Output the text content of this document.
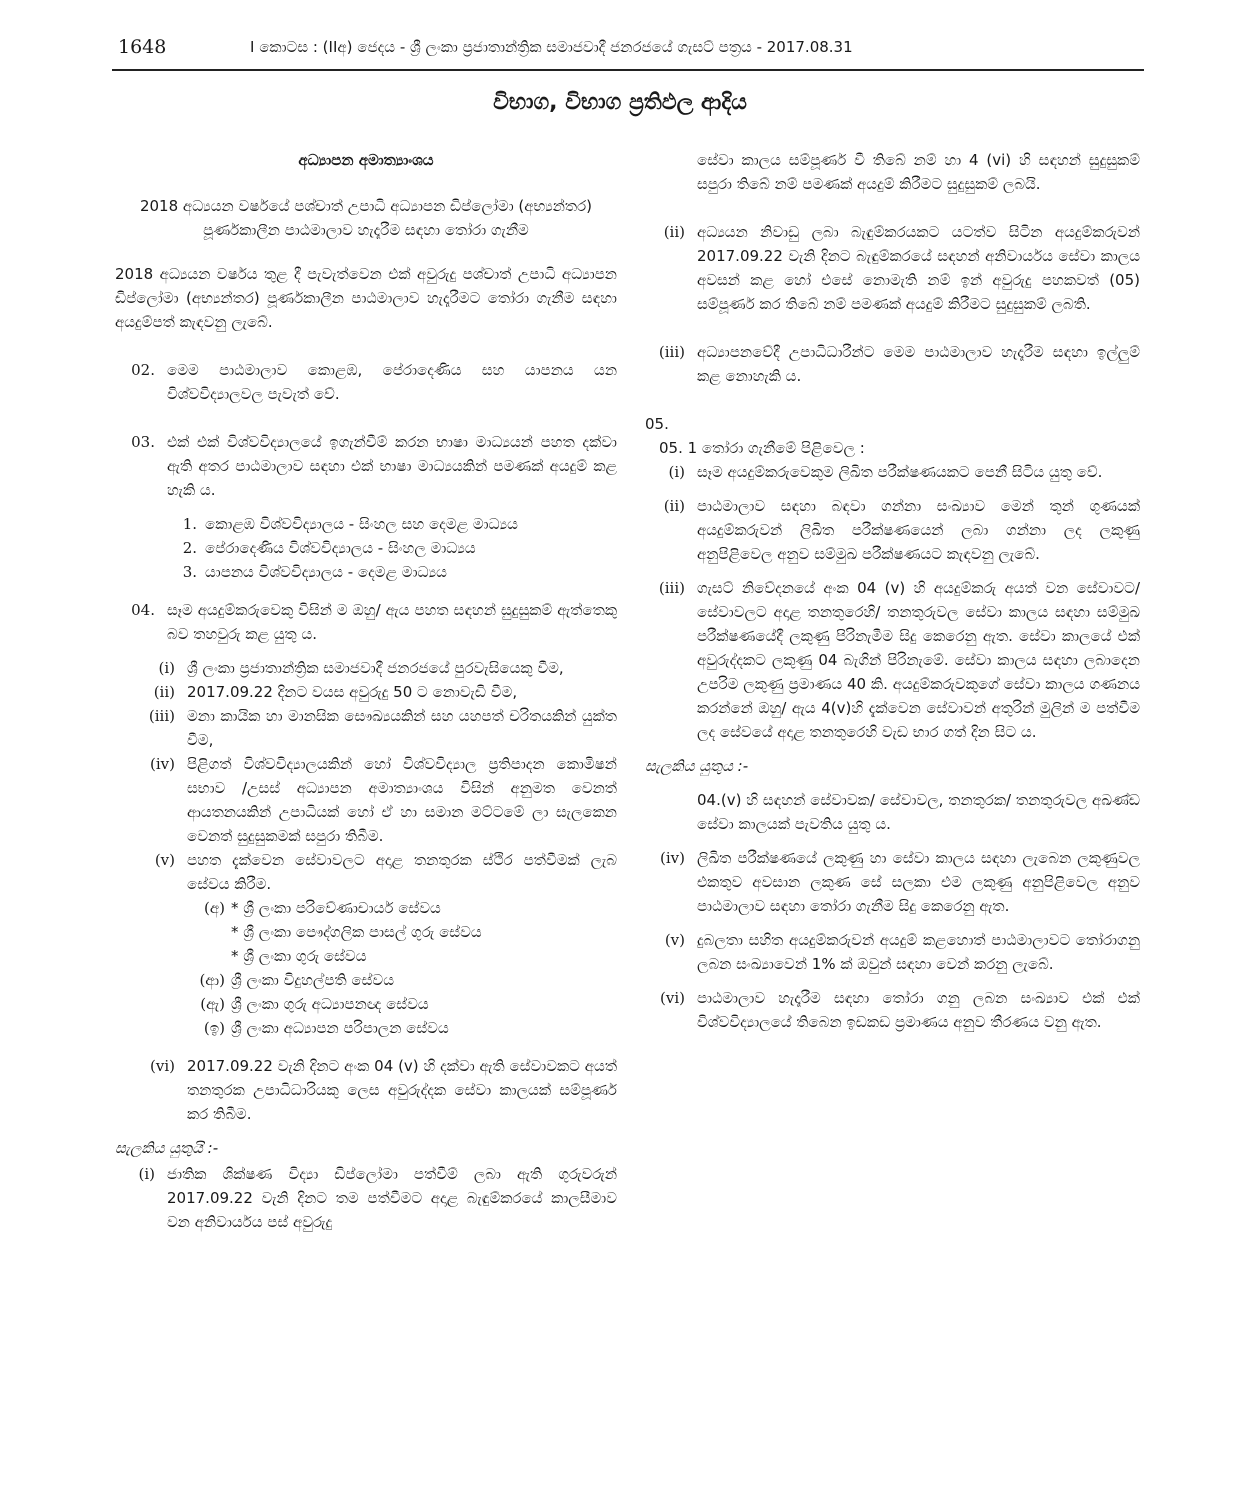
1648	I කොටස : (IIඅ) ජෙදය - ශ්‍රී ලංකා ප්‍රජාතාන්ත්‍රික සමාජවාදී ජනරජයේ ගැසට් පත්‍රය - 2017.08.31
විභාග, විභාග ප්‍රතිඵල ආදිය

අධ්‍යාපන අමාත්‍යාංශය

2018 අධ්‍යයන වර්ෂයේ පශ්චාත් උපාධි අධ්‍යාපන ඩිප්ලෝමා (අභ්‍යන්තර) පූර්ණකාලීන පාඨමාලාව හැදෑරීම සඳහා තෝරා ගැනීම

2018 අධ්‍යයන වර්ෂය තුළ දී පැවැත්වෙන එක් අවුරුදු පශ්චාත් උපාධි අධ්‍යාපන ඩිප්ලෝමා (අභ්‍යන්තර) පූර්ණකාලීන පාඨමාලාව හැදෑරීමට තෝරා ගැනීම සඳහා අයදුම්පත් කැඳවනු ලැබේ.

02. මෙම පාඨමාලාව කොළඹ, පේරාදෙණිය සහ යාපනය යන විශ්වවිද්‍යාලවල පැවැත් වේ.
03. එක් එක් විශ්වවිද්‍යාලයේ ඉගැන්වීම් කරන භාෂා මාධ්‍යයන් පහත දක්වා ඇති අතර පාඨමාලාව සඳහා එක් භාෂා මාධ්‍යයකින් පමණක් අයදුම් කළ හැකි ය.
1. කොළඹ විශ්වවිද්‍යාලය - සිංහල සහ දෙමළ මාධ්‍යය
2. පේරාදෙණිය විශ්වවිද්‍යාලය - සිංහල මාධ්‍යය
3. යාපනය විශ්වවිද්‍යාලය - දෙමළ මාධ්‍යය
04. සෑම අයදුම්කරුවෙකු විසින් ම ඔහු/ ඇය පහත සඳහන් සුදුසුකම් ඇත්තෙකු බව තහවුරු කළ යුතු ය.
(i) ශ්‍රී ලංකා ප්‍රජාතාන්ත්‍රික සමාජවාදී ජනරජයේ පුරවැසියෙකු වීම,
(ii) 2017.09.22 දිනට වයස අවුරුදු 50 ට නොවැඩි වීම,
(iii) මනා කායික හා මානසික සෞඛ්‍යයකින් සහ යහපත් චරිතයකින් යුක්ත වීම,
(iv) පිළිගත් විශ්වවිද්‍යාලයකින් හෝ විශ්වවිද්‍යාල ප්‍රතිපාදන කොමිෂන් සභාව /උසස් අධ්‍යාපන අමාත්‍යාංශය විසින් අනුමත වෙනත් ආයතනයකින් උපාධියක් හෝ ඒ හා සමාන මට්ටමේ ලා සැලකෙන වෙනත් සුදුසුකමක් සපුරා තිබීම.
(v) පහත දැක්වෙන සේවාවලට අදාළ තනතුරක ස්ථිර පත්වීමක් ලැබ සේවය කිරීම.
(අ) * ශ්‍රී ලංකා පරිවේණාචාර්ය සේවය
* ශ්‍රී ලංකා පෞද්ගලික පාසල් ගුරු සේවය
* ශ්‍රී ලංකා ගුරු සේවය
(ආ) ශ්‍රී ලංකා විදුහල්පති සේවය
(ඇ) ශ්‍රී ලංකා ගුරු අධ්‍යාපනඥ සේවය
(ඉ) ශ්‍රී ලංකා අධ්‍යාපන පරිපාලන සේවය
(vi) 2017.09.22 වැනි දිනට අංක 04 (v) හි දක්වා ඇති සේවාවකට අයත් තනතුරක උපාධිධාරියකු ලෙස අවුරුද්දක සේවා කාලයක් සම්පූර්ණ කර තිබීම.

සැලකිය යුතුයි :-

(i) ජාතික ශික්ෂණ විද්‍යා ඩිප්ලෝමා පත්වීම් ලබා ඇති ගුරුවරුන් 2017.09.22 වැනි දිනට තම පත්වීමට අදාළ බැඳුම්කරයේ කාලසීමාව වන අනිවාර්යය පස් අවුරුදු
සේවා කාලය සම්පූර්ණ වී තිබේ නම් හා 4 (vi) හි සඳහන් සුදුසුකම් සපුරා තිබේ නම් පමණක් අයදුම් කිරීමට සුදුසුකම් ලබයි.
(ii) අධ්‍යයන නිවාඩු ලබා බැඳුම්කරයකට යටත්ව සිටින අයදුම්කරුවන් 2017.09.22 වැනි දිනට බැඳුම්කරයේ සඳහන් අනිවාර්යය සේවා කාලය අවසන් කළ හෝ එසේ නොමැති නම් ඉන් අවුරුදු පහකවත් (05) සම්පූර්ණ කර තිබේ නම් පමණක් අයදුම් කිරීමට සුදුසුකම් ලබති.
(iii) අධ්‍යාපනවේදී උපාධිධාරීන්ට මෙම පාඨමාලාව හැදෑරීම සඳහා ඉල්ලුම් කළ නොහැකි ය.

05.

05. 1 තෝරා ගැනීමේ පිළිවෙල :

(i) සෑම අයදුම්කරුවෙකුම ලිඛිත පරීක්ෂණයකට පෙනී සිටිය යුතු වේ.
(ii) පාඨමාලාව සඳහා බඳවා ගන්නා සංඛ්‍යාව මෙන් තුන් ගුණයක් අයදුම්කරුවන් ලිඛිත පරීක්ෂණයෙන් ලබා ගන්නා ලද ලකුණු අනුපිළිවෙල අනුව සම්මුඛ පරීක්ෂණයට කැඳවනු ලැබේ.
(iii) ගැසට් නිවේදනයේ අංක 04 (v) හි අයදුම්කරු අයත් වන සේවාවට/සේවාවලට අදාළ තනතුරෙහි/ තනතුරුවල සේවා කාලය සඳහා සම්මුඛ පරීක්ෂණයේදී ලකුණු පිරිනැමීම සිදු කෙරෙනු ඇත. සේවා කාලයේ එක් අවුරුද්දකට ලකුණු 04 බැගින් පිරිනැමේ. සේවා කාලය සඳහා ලබාදෙන උපරිම ලකුණු ප්‍රමාණය 40 කි. අයදුම්කරුවකුගේ සේවා කාලය ගණනය කරන්නේ ඔහු/ ඇය 4(v)හි දැක්වෙන සේවාවන් අතුරින් මුලින් ම පත්වීම ලද සේවයේ අදාළ තනතුරෙහි වැඩ භාර ගත් දින සිට ය.

සැලකිය යුතුය :-

04.(v) හි සඳහන් සේවාවක/ සේවාවල, තනතුරක/ තනතුරුවල අඛණ්ඩ සේවා කාලයක් පැවතිය යුතු ය.

(iv) ලිඛිත පරීක්ෂණයේ ලකුණු හා සේවා කාලය සඳහා ලැබෙන ලකුණුවල එකතුව අවසාන ලකුණ සේ සලකා එම ලකුණු අනුපිළිවෙල අනුව පාඨමාලාව සඳහා තෝරා ගැනීම සිදු කෙරෙනු ඇත.
(v) දුබලතා සහිත අයදුම්කරුවන් අයදුම් කළහොත් පාඨමාලාවට තෝරාගනු ලබන සංඛ්‍යාවෙන් 1% ක් ඔවුන් සඳහා වෙන් කරනු ලැබේ.
(vi) පාඨමාලාව හැදෑරීම සඳහා තෝරා ගනු ලබන සංඛ්‍යාව එක් එක් විශ්වවිද්‍යාලයේ තිබෙන ඉඩකඩ ප්‍රමාණය අනුව තීරණය වනු ඇත.
